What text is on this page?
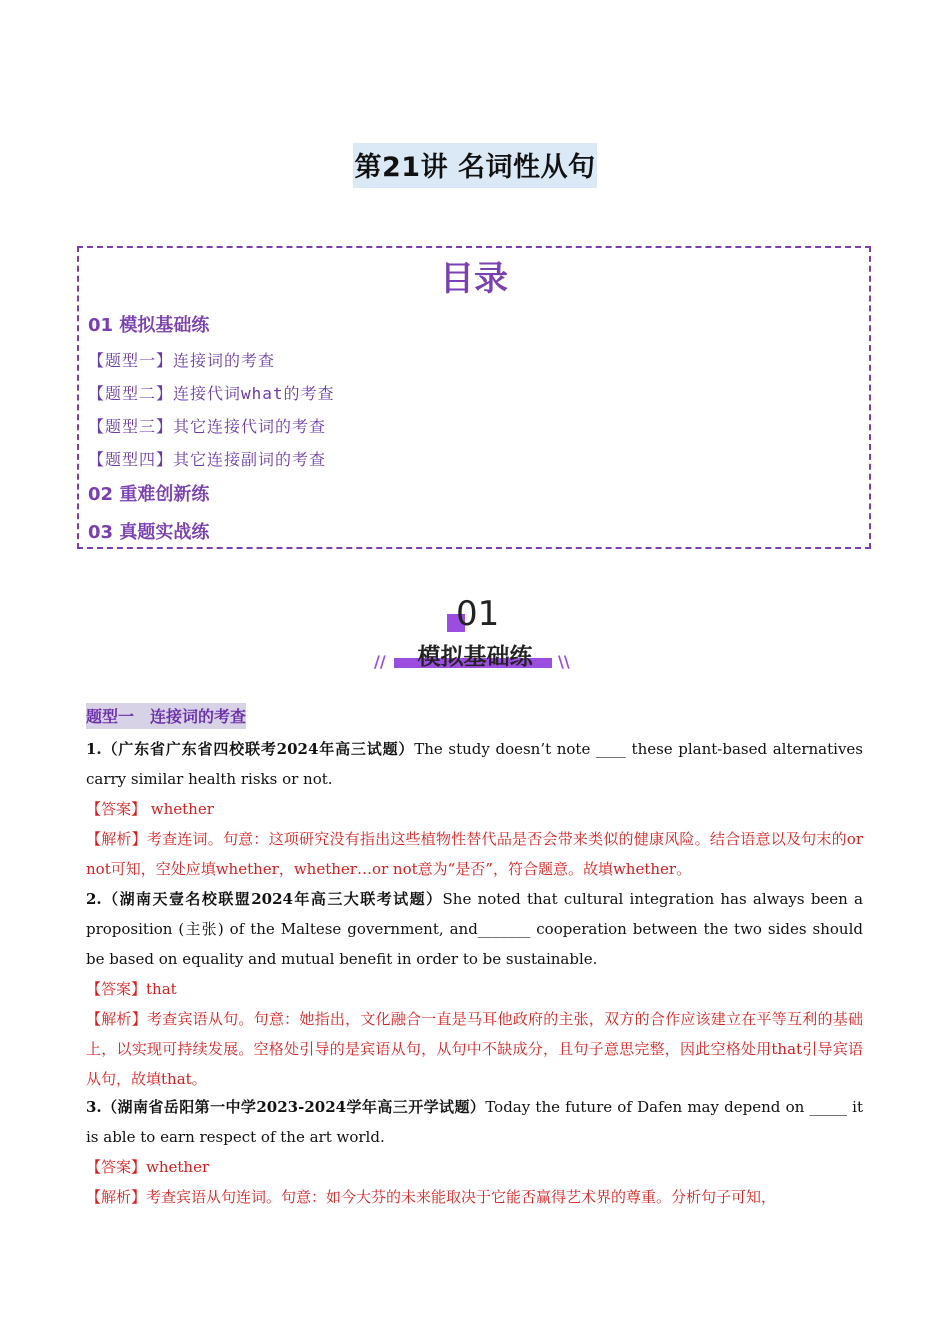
第21讲 名词性从句
目录
01 模拟基础练
【题型一】连接词的考查
【题型二】连接代词what的考查
【题型三】其它连接代词的考查
【题型四】其它连接副词的考查
02 重难创新练
03 真题实战练
01
模拟基础练
//	\\
题型一　连接词的考查

1.（广东省广东省四校联考2024年高三试题）The study doesn’t note ____ these plant-based alternatives carry similar health risks or not.

【答案】 whether

【解析】考查连词。句意：这项研究没有指出这些植物性替代品是否会带来类似的健康风险。结合语意以及句末的or not可知，空处应填whether，whether…or not意为“是否”，符合题意。故填whether。

2.（湖南天壹名校联盟2024年高三大联考试题）She noted that cultural integration has always been a proposition (主张) of the Maltese government, and_______ cooperation between the two sides should be based on equality and mutual benefit in order to be sustainable.

【答案】that

【解析】考查宾语从句。句意：她指出，文化融合一直是马耳他政府的主张，双方的合作应该建立在平等互利的基础上，以实现可持续发展。空格处引导的是宾语从句，从句中不缺成分，且句子意思完整，因此空格处用that引导宾语从句，故填that。

3.（湖南省岳阳第一中学2023-2024学年高三开学试题）Today the future of Dafen may depend on _____ it is able to earn respect of the art world.

【答案】whether

【解析】考查宾语从句连词。句意：如今大芬的未来能取决于它能否赢得艺术界的尊重。分析句子可知，
